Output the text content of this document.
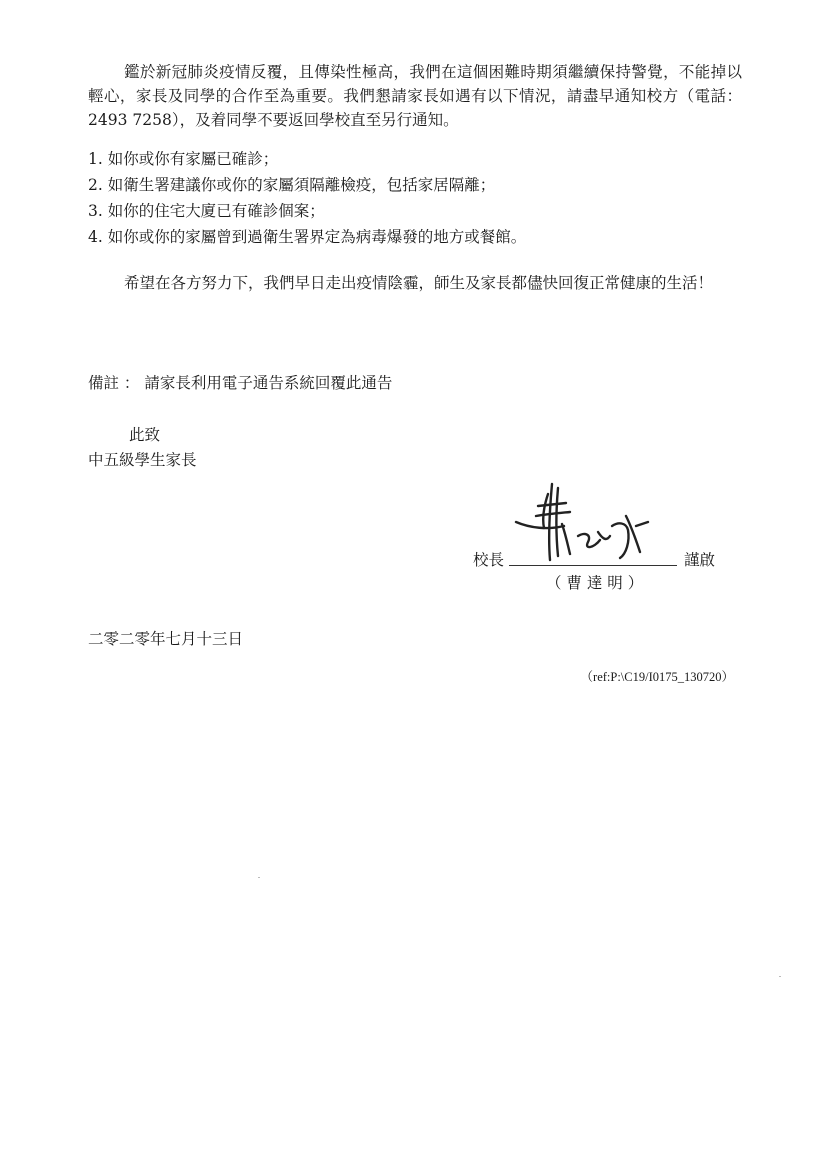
鑑於新冠肺炎疫情反覆，且傳染性極高，我們在這個困難時期須繼續保持警覺，不能掉以輕心，家長及同學的合作至為重要。我們懇請家長如遇有以下情況，請盡早通知校方（電話：2493 7258），及着同學不要返回學校直至另行通知。

1. 如你或你有家屬已確診；
2. 如衛生署建議你或你的家屬須隔離檢疫，包括家居隔離；
3. 如你的住宅大廈已有確診個案；
4. 如你或你的家屬曾到過衛生署界定為病毒爆發的地方或餐館。

希望在各方努力下，我們早日走出疫情陰霾，師生及家長都儘快回復正常健康的生活！

備註 ： 請家長利用電子通告系統回覆此通告
此致
中五級學生家長
校長	謹啟
（ 曹 達 明 ）
二零二零年七月十三日
（ref:P:\C19/I0175_130720）
